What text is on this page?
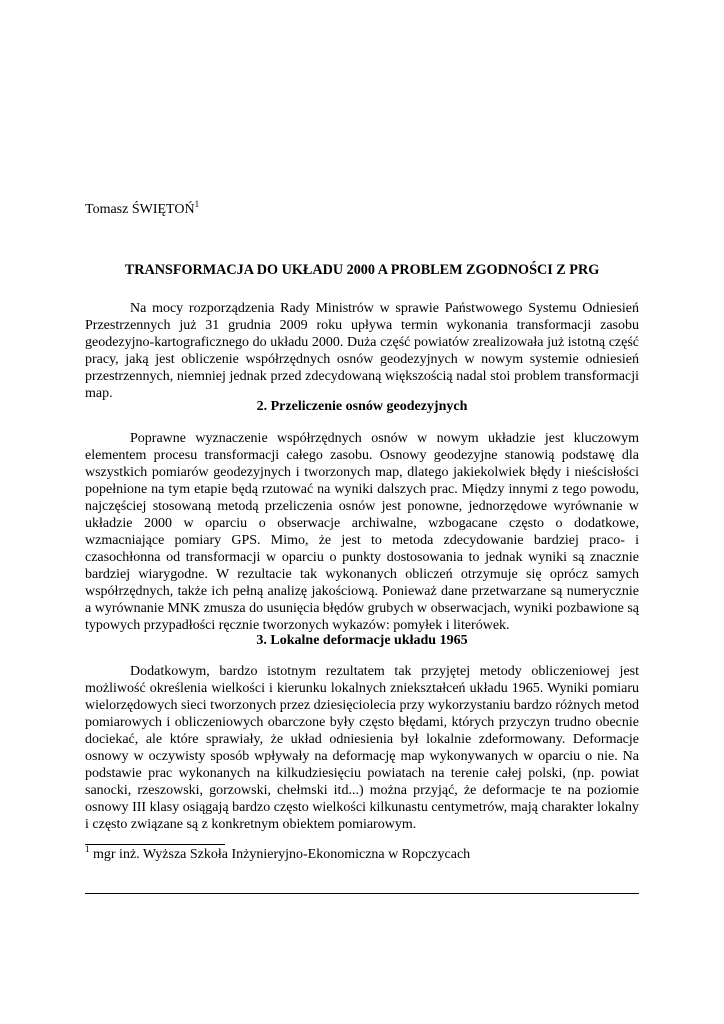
Tomasz ŚWIĘTOŃ$^1$
TRANSFORMACJA DO UKŁADU 2000 A PROBLEM ZGODNOŚCI Z PRG

Na mocy rozporządzenia Rady Ministrów w sprawie Państwowego Systemu Odniesień Przestrzennych już 31 grudnia 2009 roku upływa termin wykonania transformacji zasobu geodezyjno-kartograficznego do układu 2000. Duża część powiatów zrealizowała już istotną część pracy, jaką jest obliczenie współrzędnych osnów geodezyjnych w nowym systemie odniesień przestrzennych, niemniej jednak przed zdecydowaną większością nadal stoi problem transformacji map.

2. Przeliczenie osnów geodezyjnych

Poprawne wyznaczenie współrzędnych osnów w nowym układzie jest kluczowym elementem procesu transformacji całego zasobu. Osnowy geodezyjne stanowią podstawę dla wszystkich pomiarów geodezyjnych i tworzonych map, dlatego jakiekolwiek błędy i nieścisłości popełnione na tym etapie będą rzutować na wyniki dalszych prac. Między innymi z tego powodu, najczęściej stosowaną metodą przeliczenia osnów jest ponowne, jednorzędowe wyrównanie w układzie 2000 w oparciu o obserwacje archiwalne, wzbogacane często o dodatkowe, wzmacniające pomiary GPS. Mimo, że jest to metoda zdecydowanie bardziej praco- i czasochłonna od transformacji w oparciu o punkty dostosowania to jednak wyniki są znacznie bardziej wiarygodne. W rezultacie tak wykonanych obliczeń otrzymuje się oprócz samych współrzędnych, także ich pełną analizę jakościową. Ponieważ dane przetwarzane są numerycznie a wyrównanie MNK zmusza do usunięcia błędów grubych w obserwacjach, wyniki pozbawione są typowych przypadłości ręcznie tworzonych wykazów: pomyłek i literówek.

3. Lokalne deformacje układu 1965

Dodatkowym, bardzo istotnym rezultatem tak przyjętej metody obliczeniowej jest możliwość określenia wielkości i kierunku lokalnych zniekształceń układu 1965. Wyniki pomiaru wielorzędowych sieci tworzonych przez dziesięciolecia przy wykorzystaniu bardzo różnych metod pomiarowych i obliczeniowych obarczone były często błędami, których przyczyn trudno obecnie dociekać, ale które sprawiały, że układ odniesienia był lokalnie zdeformowany. Deformacje osnowy w oczywisty sposób wpływały na deformację map wykonywanych w oparciu o nie. Na podstawie prac wykonanych na kilkudziesięciu powiatach na terenie całej polski, (np. powiat sanocki, rzeszowski, gorzowski, chełmski itd...) można przyjąć, że deformacje te na poziomie osnowy III klasy osiągają bardzo często wielkości kilkunastu centymetrów, mają charakter lokalny i często związane są z konkretnym obiektem pomiarowym.

$^1$ mgr inż. Wyższa Szkoła Inżynieryjno-Ekonomiczna w Ropczycach
